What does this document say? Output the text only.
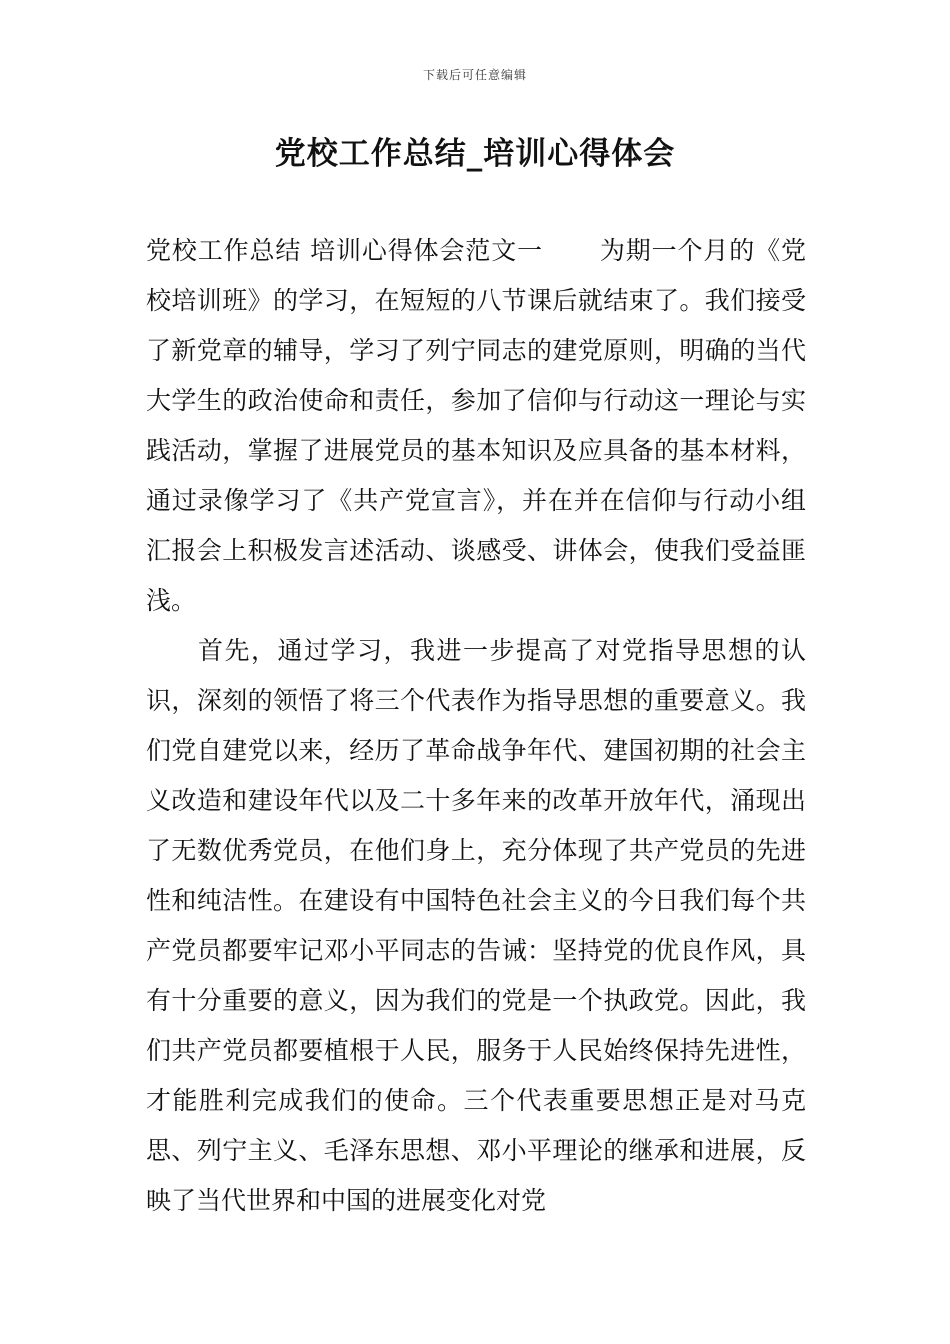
下载后可任意编辑
党校工作总结_培训心得体会

党校工作总结 培训心得体会范文一 为期一个月的《党校培训班》的学习，在短短的八节课后就结束了。我们接受了新党章的辅导，学习了列宁同志的建党原则，明确的当代大学生的政治使命和责任，参加了信仰与行动这一理论与实践活动，掌握了进展党员的基本知识及应具备的基本材料，通过录像学习了《共产党宣言》，并在并在信仰与行动小组汇报会上积极发言述活动、谈感受、讲体会，使我们受益匪浅。

首先，通过学习，我进一步提高了对党指导思想的认识，深刻的领悟了将三个代表作为指导思想的重要意义。我们党自建党以来，经历了革命战争年代、建国初期的社会主义改造和建设年代以及二十多年来的改革开放年代，涌现出了无数优秀党员，在他们身上，充分体现了共产党员的先进性和纯洁性。在建设有中国特色社会主义的今日我们每个共产党员都要牢记邓小平同志的告诫：坚持党的优良作风，具有十分重要的意义，因为我们的党是一个执政党。因此，我们共产党员都要植根于人民，服务于人民始终保持先进性，才能胜利完成我们的使命。三个代表重要思想正是对马克思、列宁主义、毛泽东思想、邓小平理论的继承和进展，反映了当代世界和中国的进展变化对党
